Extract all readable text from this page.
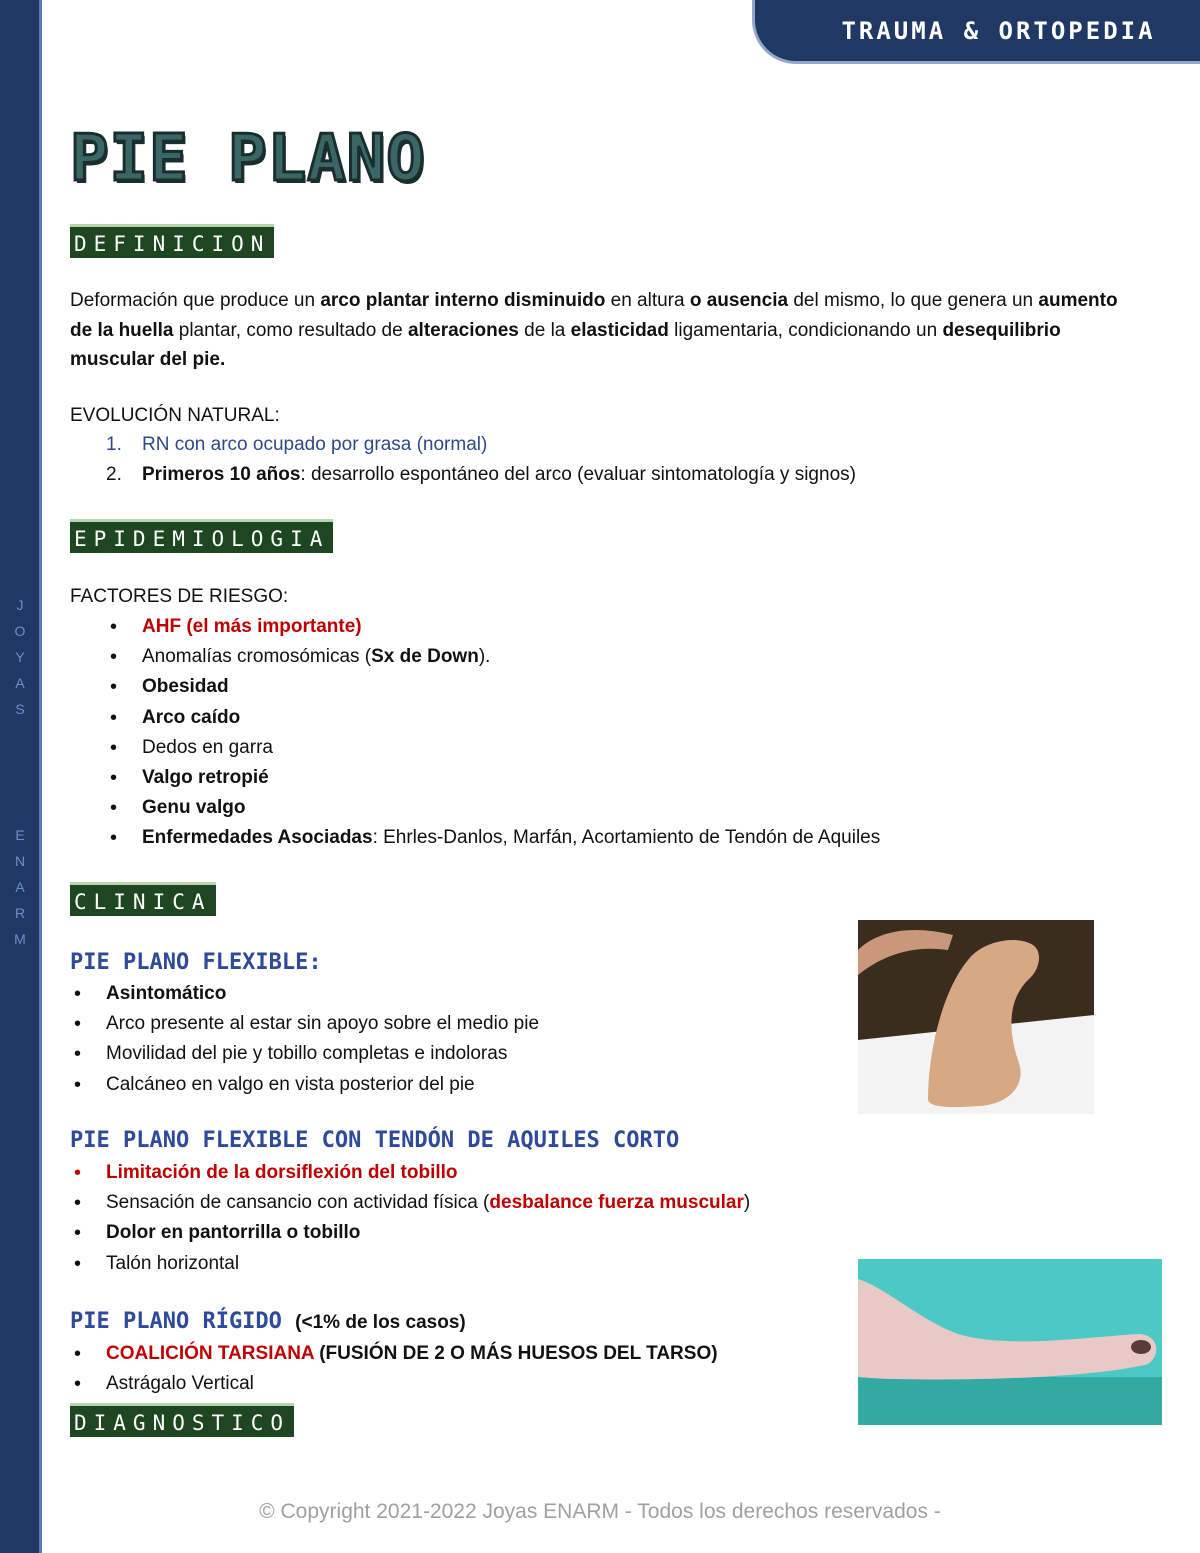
J
O
Y
A
S
E
N
A
R
M
TRAUMA & ORTOPEDIA
PIE PLANO
DEFINICION
Deformación que produce un arco plantar interno disminuido en altura o ausencia del mismo, lo que genera un aumento de la huella plantar, como resultado de alteraciones de la elasticidad ligamentaria, condicionando un desequilibrio muscular del pie.
EVOLUCIÓN NATURAL:
1. RN con arco ocupado por grasa (normal)
2. Primeros 10 años: desarrollo espontáneo del arco (evaluar sintomatología y signos)
EPIDEMIOLOGIA
FACTORES DE RIESGO:
• AHF (el más importante)
• Anomalías cromosómicas (Sx de Down).
• Obesidad
• Arco caído
• Dedos en garra
• Valgo retropié
• Genu valgo
• Enfermedades Asociadas: Ehrles-Danlos, Marfán, Acortamiento de Tendón de Aquiles
CLINICA
PIE PLANO FLEXIBLE:
• Asintomático
• Arco presente al estar sin apoyo sobre el medio pie
• Movilidad del pie y tobillo completas e indoloras
• Calcáneo en valgo en vista posterior del pie
PIE PLANO FLEXIBLE CON TENDÓN DE AQUILES CORTO
• Limitación de la dorsiflexión del tobillo
• Sensación de cansancio con actividad física (desbalance fuerza muscular)
• Dolor en pantorrilla o tobillo
• Talón horizontal
PIE PLANO RÍGIDO (<1% de los casos)
• COALICIÓN TARSIANA (FUSIÓN DE 2 O MÁS HUESOS DEL TARSO)
• Astrágalo Vertical
DIAGNOSTICO
© Copyright 2021-2022 Joyas ENARM - Todos los derechos reservados -
